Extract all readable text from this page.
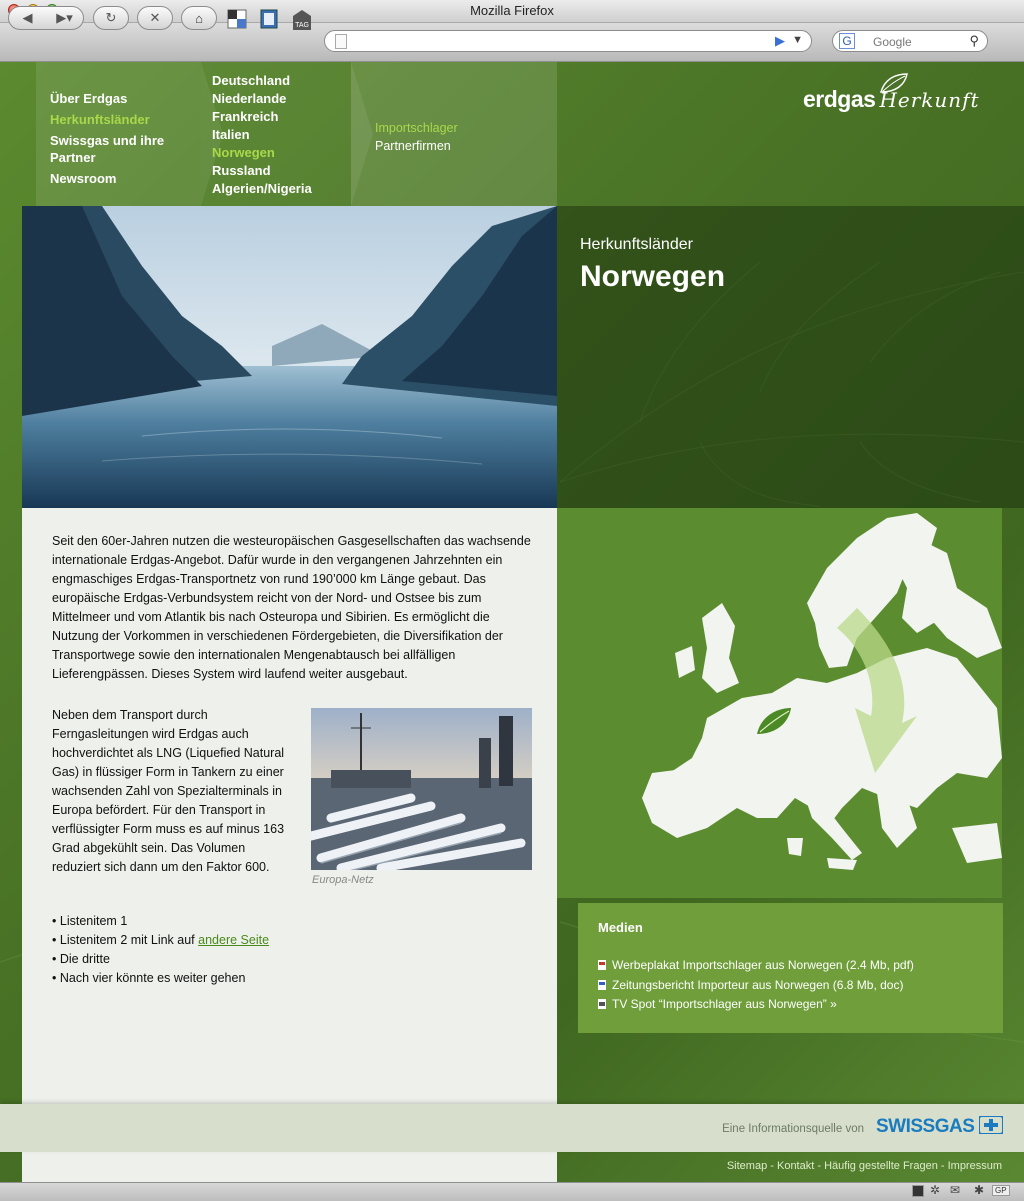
Mozilla Firefox
◀	▶▾	↻	✕	⌂	TAG
▶ ▼	G Google	⚲
Über Erdgas
Herkunftsländer
Swissgas und ihre Partner
Newsroom
Deutschland
Niederlande
Frankreich
Italien
Norwegen
Russland
Algerien/Nigeria
Importschlager
Partnerfirmen
erdgas Herkunft
Herkunftsländer
Norwegen
Seit den 60er-Jahren nutzen die westeuropäischen Gasgesellschaften das wachsende internationale Erdgas-Angebot. Dafür wurde in den vergangenen Jahrzehnten ein engmaschiges Erdgas-Transportnetz von rund 190’000 km Länge gebaut. Das europäische Erdgas-Verbundsystem reicht von der Nord- und Ostsee bis zum Mittelmeer und vom Atlantik bis nach Osteuropa und Sibirien. Es ermöglicht die Nutzung der Vorkommen in verschiedenen Fördergebieten, die Diversifikation der Transportwege sowie den internationalen Mengenabtausch bei allfälligen Lieferengpässen. Dieses System wird laufend weiter ausgebaut.
Neben dem Transport durch Ferngasleitungen wird Erdgas auch hochverdichtet als LNG (Liquefied Natural Gas) in flüssiger Form in Tankern zu einer wachsenden Zahl von Spezialterminals in Europa befördert. Für den Transport in verflüssigter Form muss es auf minus 163 Grad abgekühlt sein. Das Volumen reduziert sich dann um den Faktor 600.
Europa-Netz
• Listenitem 1
• Listenitem 2 mit Link auf andere Seite
• Die dritte
• Nach vier könnte es weiter gehen
Medien
Werbeplakat Importschlager aus Norwegen (2.4 Mb, pdf)
Zeitungsbericht Importeur aus Norwegen (6.8 Mb, doc)
TV Spot “Importschlager aus Norwegen” »
Eine Informationsquelle von SWISSGAS
Sitemap - Kontakt - Häufig gestellte Fragen - Impressum
✲ ✉ ✱	GP
